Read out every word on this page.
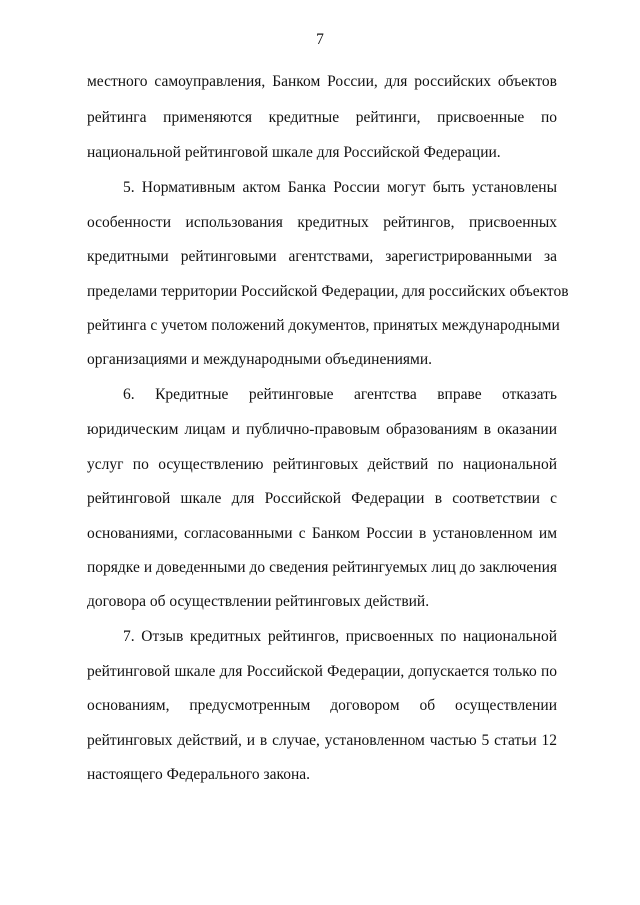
7
местного самоуправления, Банком России, для российских объектов
рейтинга применяются кредитные рейтинги, присвоенные по
национальной рейтинговой шкале для Российской Федерации.
5. Нормативным актом Банка России могут быть установлены
особенности использования кредитных рейтингов, присвоенных
кредитными рейтинговыми агентствами, зарегистрированными за
пределами территории Российской Федерации, для российских объектов
рейтинга с учетом положений документов, принятых международными
организациями и международными объединениями.
6. Кредитные рейтинговые агентства вправе отказать
юридическим лицам и публично-правовым образованиям в оказании
услуг по осуществлению рейтинговых действий по национальной
рейтинговой шкале для Российской Федерации в соответствии с
основаниями, согласованными с Банком России в установленном им
порядке и доведенными до сведения рейтингуемых лиц до заключения
договора об осуществлении рейтинговых действий.
7. Отзыв кредитных рейтингов, присвоенных по национальной
рейтинговой шкале для Российской Федерации, допускается только по
основаниям, предусмотренным договором об осуществлении
рейтинговых действий, и в случае, установленном частью 5 статьи 12
настоящего Федерального закона.
